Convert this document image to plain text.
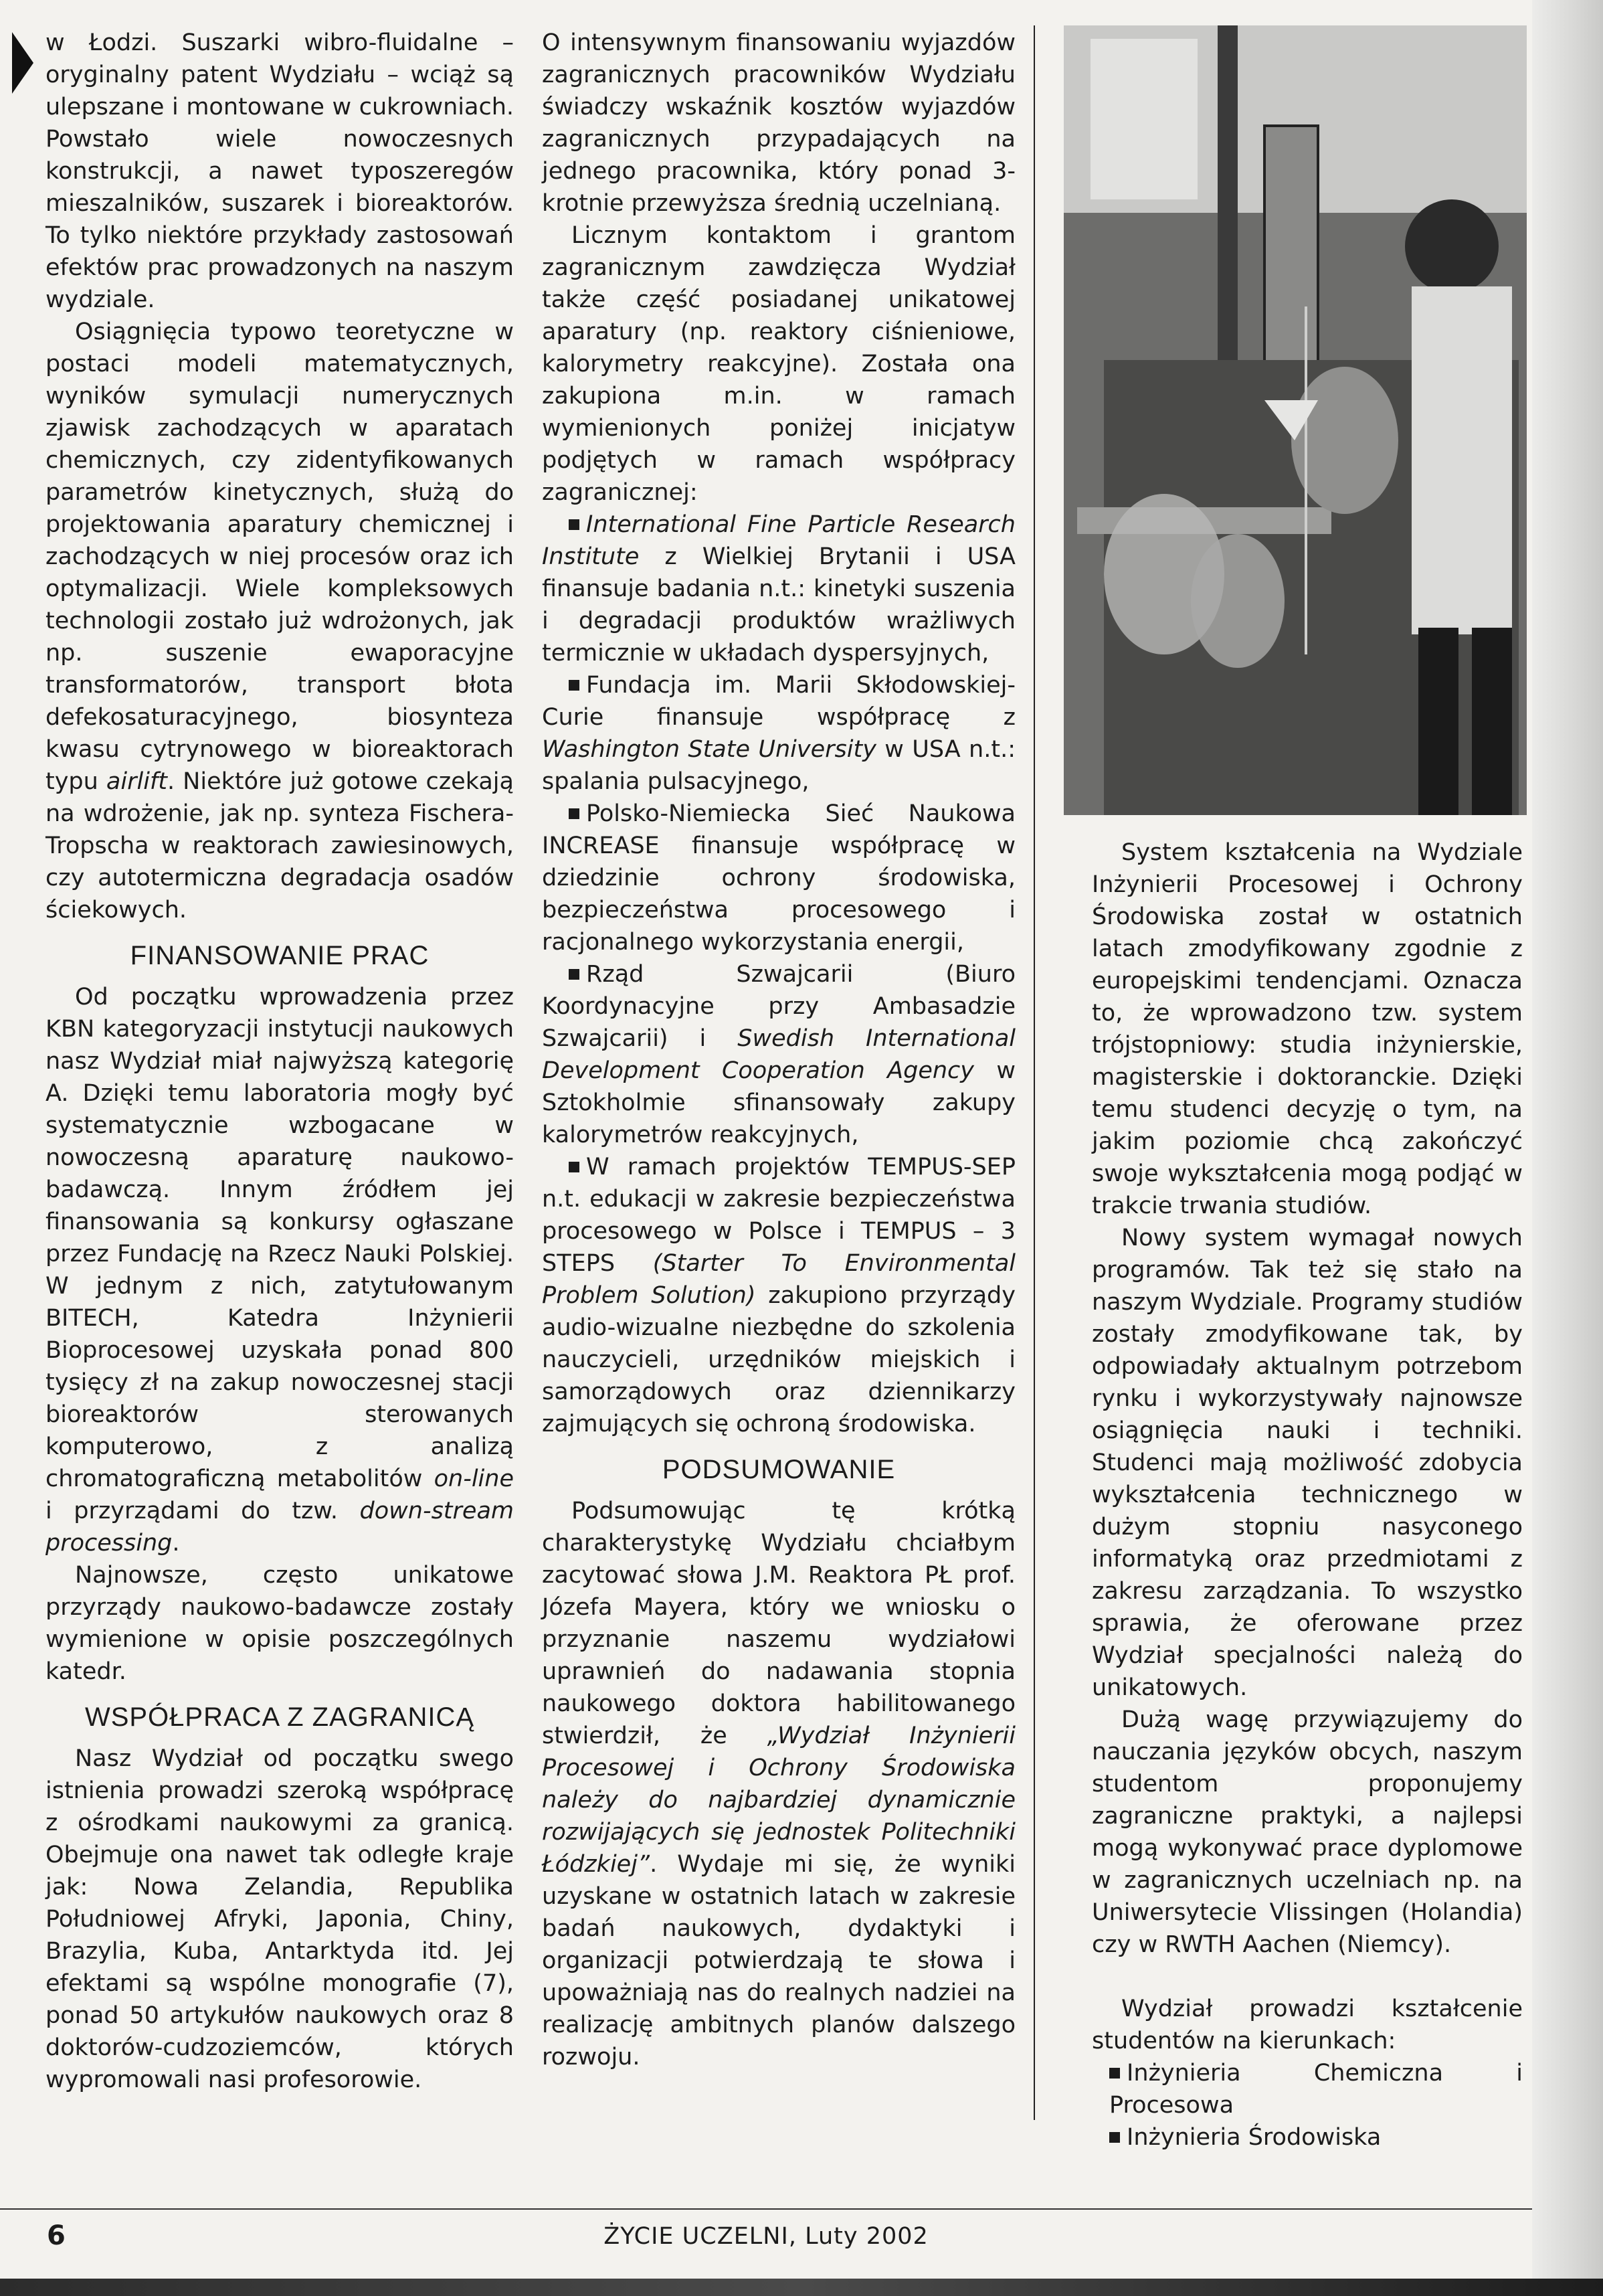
w Łodzi. Suszarki wibro-fluidalne – oryginalny patent Wydziału – wciąż są ulepszane i montowane w cukrowniach. Powstało wiele nowoczesnych konstrukcji, a nawet typoszeregów mieszalników, suszarek i bioreaktorów. To tylko niektóre przykłady zastosowań efektów prac prowadzonych na naszym wydziale.

Osiągnięcia typowo teoretyczne w postaci modeli matematycznych, wyników symulacji numerycznych zjawisk zachodzących w aparatach chemicznych, czy zidentyfikowanych parametrów kinetycznych, służą do projektowania aparatury chemicznej i zachodzących w niej procesów oraz ich optymalizacji. Wiele kompleksowych technologii zostało już wdrożonych, jak np. suszenie ewaporacyjne transformatorów, transport błota defekosaturacyjnego, biosynteza kwasu cytrynowego w bioreaktorach typu airlift. Niektóre już gotowe czekają na wdrożenie, jak np. synteza Fischera-Tropscha w reaktorach zawiesinowych, czy autotermiczna degradacja osadów ściekowych.

FINANSOWANIE PRAC

Od początku wprowadzenia przez KBN kategoryzacji instytucji naukowych nasz Wydział miał najwyższą kategorię A. Dzięki temu laboratoria mogły być systematycznie wzbogacane w nowoczesną aparaturę naukowo-badawczą. Innym źródłem jej finansowania są konkursy ogłaszane przez Fundację na Rzecz Nauki Polskiej. W jednym z nich, zatytułowanym BITECH, Katedra Inżynierii Bioprocesowej uzyskała ponad 800 tysięcy zł na zakup nowoczesnej stacji bioreaktorów sterowanych komputerowo, z analizą chromatograficzną metabolitów on-line i przyrządami do tzw. down-stream processing.

Najnowsze, często unikatowe przyrządy naukowo-badawcze zostały wymienione w opisie poszczególnych katedr.

WSPÓŁPRACA Z ZAGRANICĄ

Nasz Wydział od początku swego istnienia prowadzi szeroką współpracę z ośrodkami naukowymi za granicą. Obejmuje ona nawet tak odległe kraje jak: Nowa Zelandia, Republika Południowej Afryki, Japonia, Chiny, Brazylia, Kuba, Antarktyda itd. Jej efektami są wspólne monografie (7), ponad 50 artykułów naukowych oraz 8 doktorów-cudzoziemców, których wypromowali nasi profesorowie.

O intensywnym finansowaniu wyjazdów zagranicznych pracowników Wydziału świadczy wskaźnik kosztów wyjazdów zagranicznych przypadających na jednego pracownika, który ponad 3-krotnie przewyższa średnią uczelnianą.

Licznym kontaktom i grantom zagranicznym zawdzięcza Wydział także część posiadanej unikatowej aparatury (np. reaktory ciśnieniowe, kalorymetry reakcyjne). Została ona zakupiona m.in. w ramach wymienionych poniżej inicjatyw podjętych w ramach współpracy zagranicznej:

International Fine Particle Research Institute z Wielkiej Brytanii i USA finansuje badania n.t.: kinetyki suszenia i degradacji produktów wrażliwych termicznie w układach dyspersyjnych,

Fundacja im. Marii Skłodowskiej-Curie finansuje współpracę z Washington State University w USA n.t.: spalania pulsacyjnego,

Polsko-Niemiecka Sieć Naukowa INCREASE finansuje współpracę w dziedzinie ochrony środowiska, bezpieczeństwa procesowego i racjonalnego wykorzystania energii,

Rząd Szwajcarii (Biuro Koordynacyjne przy Ambasadzie Szwajcarii) i Swedish International Development Cooperation Agency w Sztokholmie sfinansowały zakupy kalorymetrów reakcyjnych,

W ramach projektów TEMPUS-SEP n.t. edukacji w zakresie bezpieczeństwa procesowego w Polsce i TEMPUS – 3 STEPS (Starter To Environmental Problem Solution) zakupiono przyrządy audio-wizualne niezbędne do szkolenia nauczycieli, urzędników miejskich i samorządowych oraz dziennikarzy zajmujących się ochroną środowiska.

PODSUMOWANIE

Podsumowując tę krótką charakterystykę Wydziału chciałbym zacytować słowa J.M. Reaktora PŁ prof. Józefa Mayera, który we wniosku o przyznanie naszemu wydziałowi uprawnień do nadawania stopnia naukowego doktora habilitowanego stwierdził, że „Wydział Inżynierii Procesowej i Ochrony Środowiska należy do najbardziej dynamicznie rozwijających się jednostek Politechniki Łódzkiej”. Wydaje mi się, że wyniki uzyskane w ostatnich latach w zakresie badań naukowych, dydaktyki i organizacji potwierdzają te słowa i upoważniają nas do realnych nadziei na realizację ambitnych planów dalszego rozwoju.

System kształcenia na Wydziale Inżynierii Procesowej i Ochrony Środowiska został w ostatnich latach zmodyfikowany zgodnie z europejskimi tendencjami. Oznacza to, że wprowadzono tzw. system trójstopniowy: studia inżynierskie, magisterskie i doktoranckie. Dzięki temu studenci decyzję o tym, na jakim poziomie chcą zakończyć swoje wykształcenia mogą podjąć w trakcie trwania studiów.

Nowy system wymagał nowych programów. Tak też się stało na naszym Wydziale. Programy studiów zostały zmodyfikowane tak, by odpowiadały aktualnym potrzebom rynku i wykorzystywały najnowsze osiągnięcia nauki i techniki. Studenci mają możliwość zdobycia wykształcenia technicznego w dużym stopniu nasyconego informatyką oraz przedmiotami z zakresu zarządzania. To wszystko sprawia, że oferowane przez Wydział specjalności należą do unikatowych.

Dużą wagę przywiązujemy do nauczania języków obcych, naszym studentom proponujemy zagraniczne praktyki, a najlepsi mogą wykonywać prace dyplomowe w zagranicznych uczelniach np. na Uniwersytecie Vlissingen (Holandia) czy w RWTH Aachen (Niemcy).

Wydział prowadzi kształcenie studentów na kierunkach:

Inżynieria Chemiczna i Procesowa
Inżynieria Środowiska
6	ŻYCIE UCZELNI, Luty 2002
